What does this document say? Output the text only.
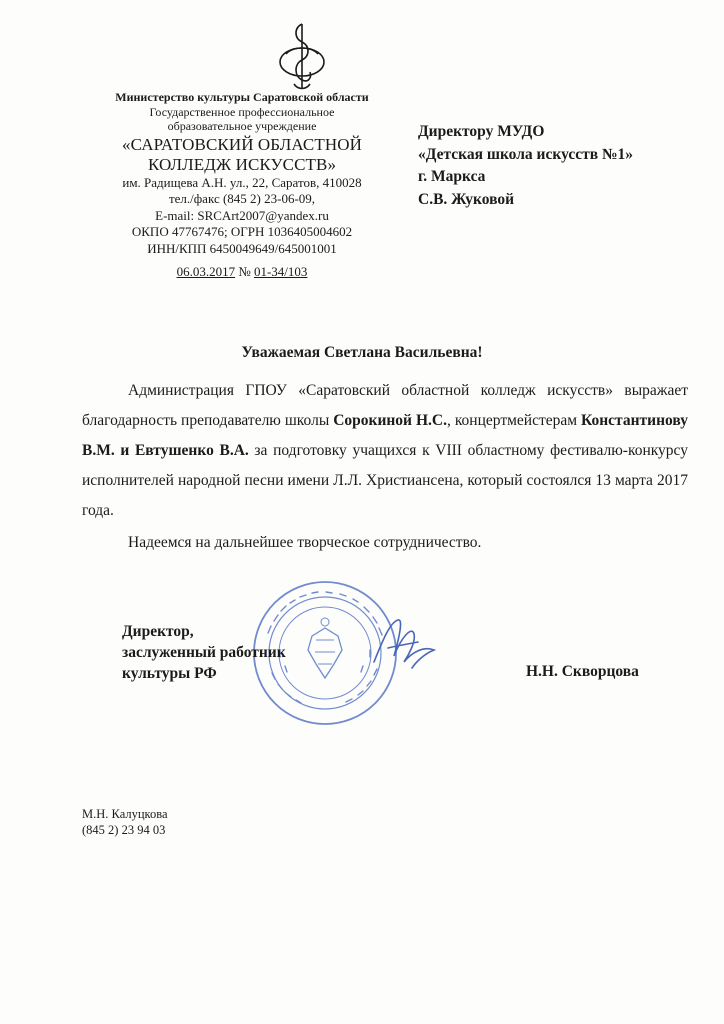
Министерство культуры Саратовской области
Государственное профессиональное
образовательное учреждение
«САРАТОВСКИЙ ОБЛАСТНОЙ
КОЛЛЕДЖ ИСКУССТВ»
им. Радищева А.Н. ул., 22, Саратов, 410028
тел./факс (845 2) 23-06-09,
E-mail: SRCArt2007@yandex.ru
ОКПО 47767476; ОГРН 1036405004602
ИНН/КПП 6450049649/645001001
06.03.2017 № 01-34/103
Директору МУДО
«Детская школа искусств №1»
г. Маркса
С.В. Жуковой
Уважаемая Светлана Васильевна!

Администрация ГПОУ «Саратовский областной колледж искусств» выражает благодарность преподавателю школы Сорокиной Н.С., концертмейстерам Константинову В.М. и Евтушенко В.А. за подготовку учащихся к VIII областному фестивалю-конкурсу исполнителей народной песни имени Л.Л. Христиансена, который состоялся 13 марта 2017 года.

Надеемся на дальнейшее творческое сотрудничество.

Директор,
заслуженный работник
культуры РФ	Н.Н. Скворцова
М.Н. Калуцкова
(845 2) 23 94 03
